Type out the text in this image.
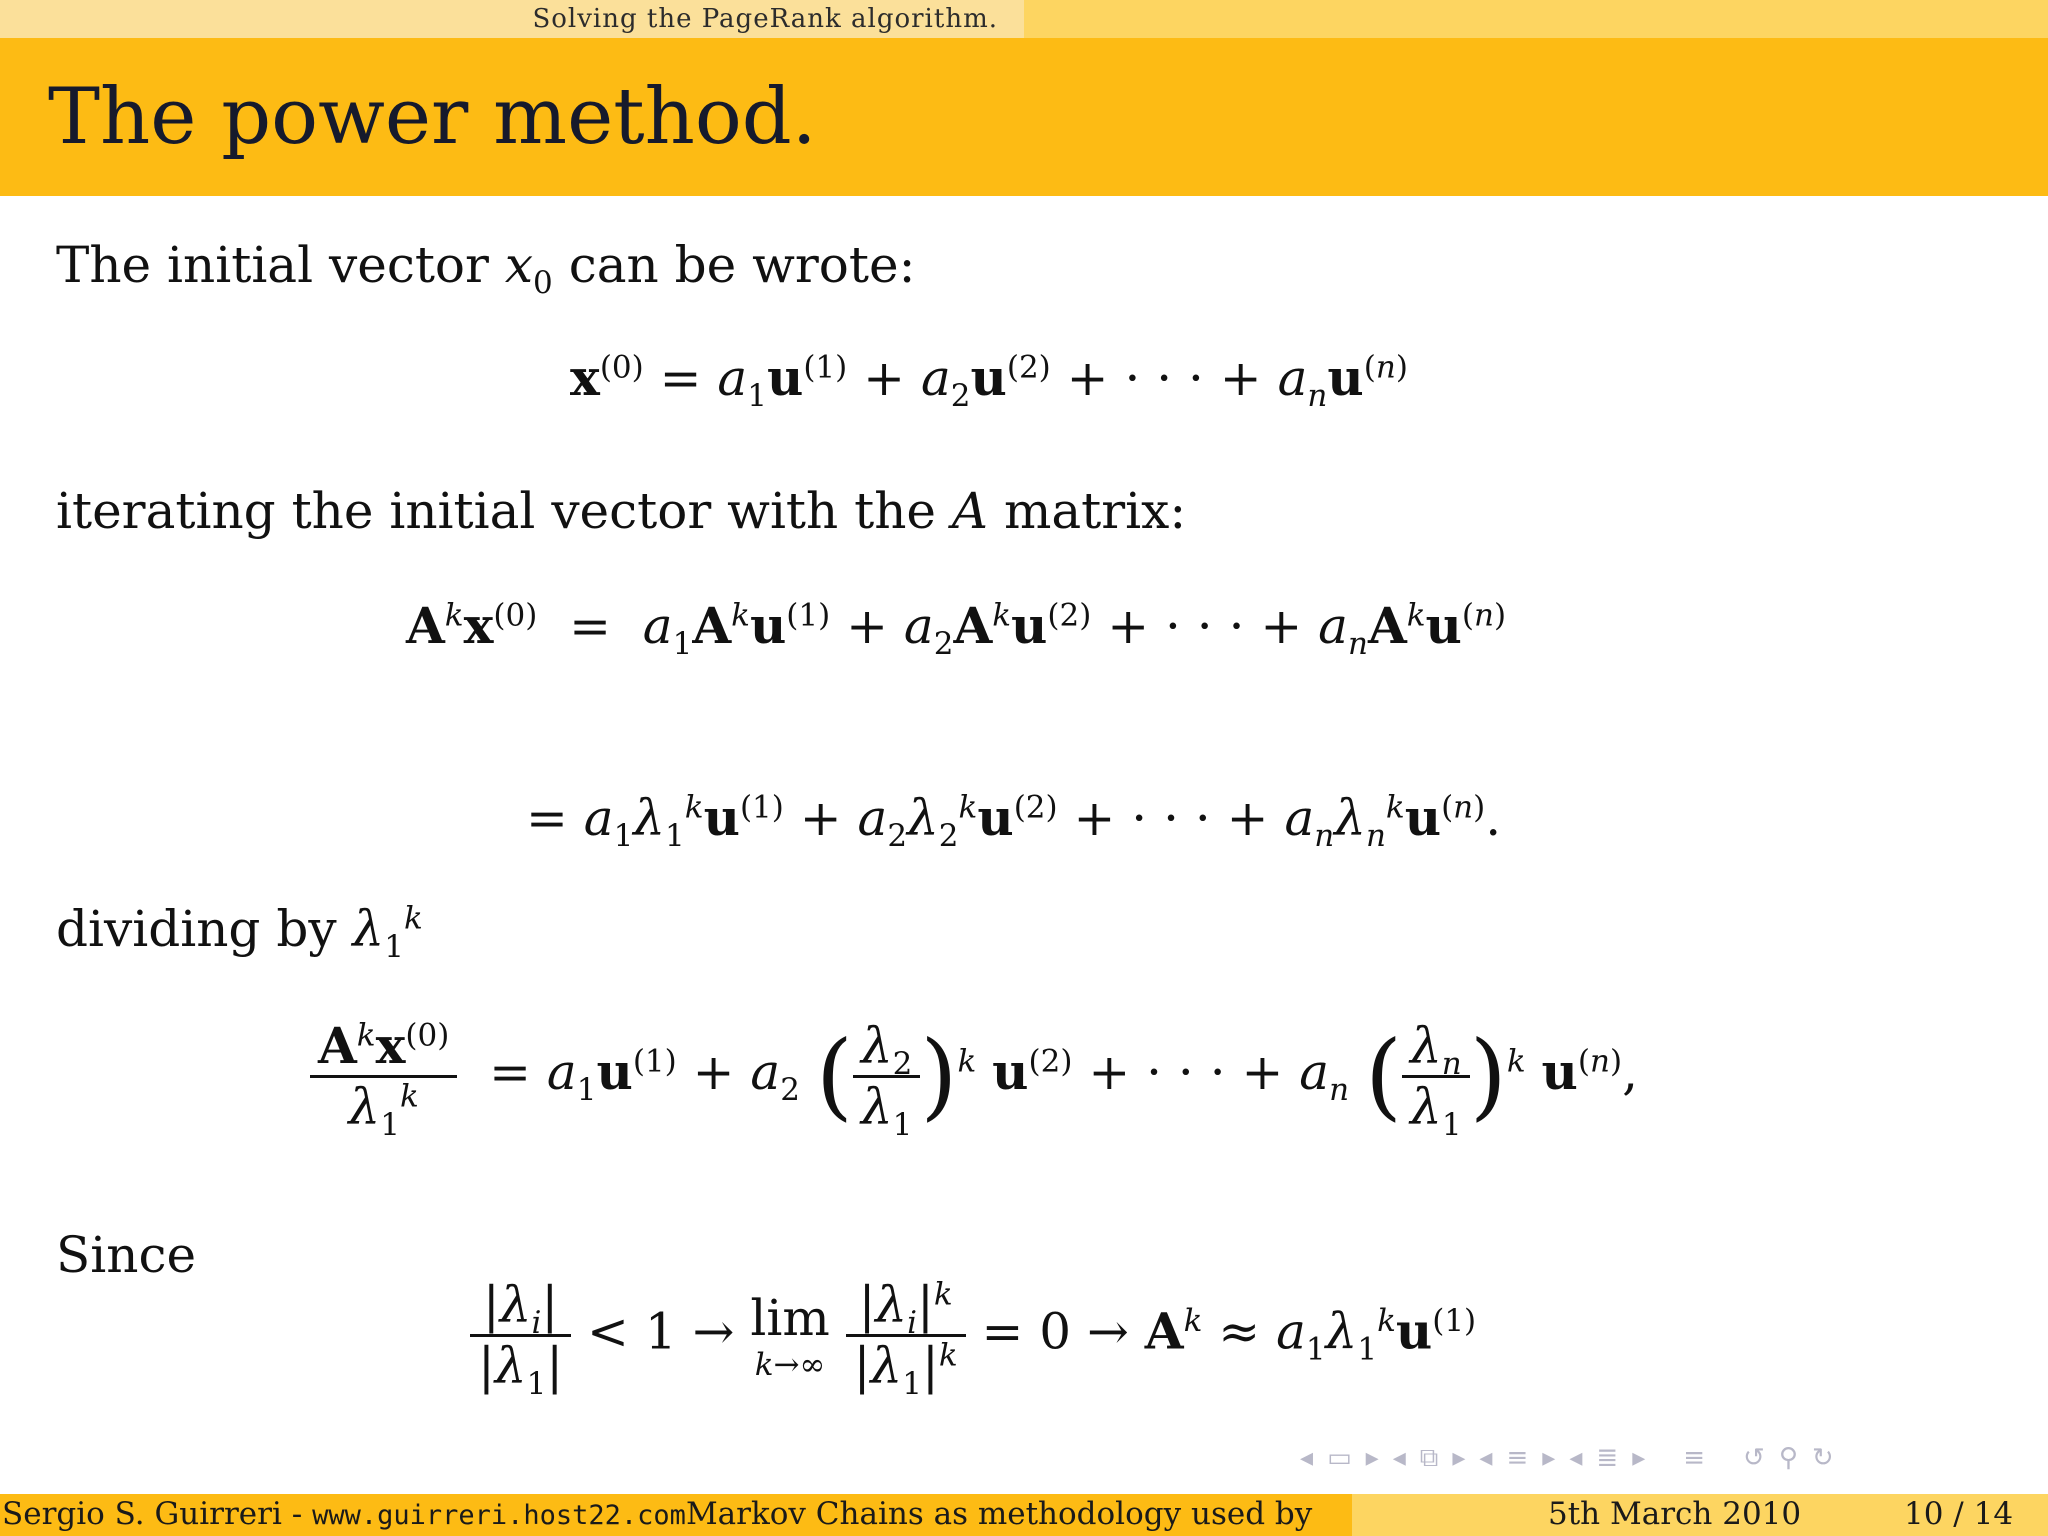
Solving the PageRank algorithm.
The power method.
The initial vector $x_0$ can be wrote:
$x^{(0)} = a_1u^{(1)} + a_2u^{(2)}$ + · · · + $a_nu^{(n)}$
iterating the initial vector with the A matrix:
$A^kx^{(0)} = a_1A^ku^{(1)} + a_2A^ku^{(2)}$ + · · · + $a_nA^ku^{(n)}$
= $a_1\lambda_1^ku^{(1)} + a_2\lambda_2^ku^{(2)}$ + · · · + $a_n\lambda_n^ku^{(n)}$.
dividing by $\lambda_1^k$
$\frac{A^kx^{(0)}}{\lambda_1^k} = a_1u^{(1)} + a_2$ ( $\frac{\lambda_2}{\lambda_1} )^k$ $u^{(2)}$ + · · · + $a_n$ ( $\frac{\lambda_n}{\lambda_1} )^k$ $u^{(n)}$,
Since
$\frac{|\lambda_i|}{|\lambda_1|} < 1 \to \lim$
k→∞
$\frac{|\lambda_i|^k}{|\lambda_1|^k} = 0 \to A^k \approx a_1\lambda_1^ku^{(1)}$
◂ ▭ ▸ ◂ ⧉ ▸ ◂ ≡ ▸ ◂ ≣ ▸ ≡ ↺ ⚲ ↻
Sergio S. Guirreri - www.guirreri.host22.comMarkov Chains as methodology used by	5th March 2010	10 / 14
